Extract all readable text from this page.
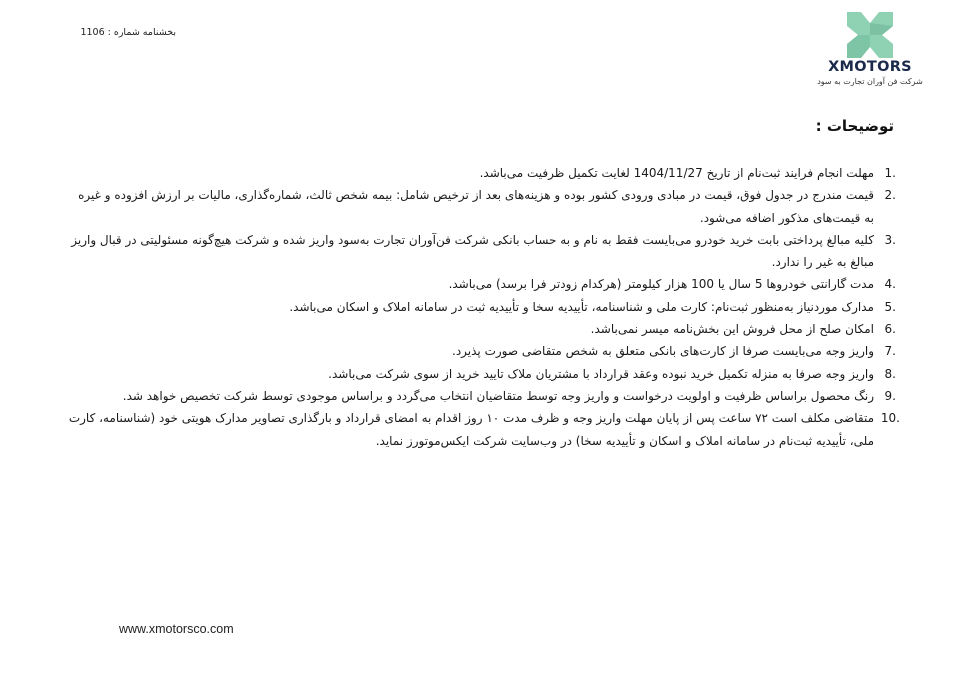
بخشنامه شماره : 1106
XMOTORS
شرکت فن آوران تجارت به سود
توضیحات :
1.
مهلت انجام فرایند ثبت‌نام از تاریخ 1404/11/27 لغایت تکمیل ظرفیت می‌باشد.
2.
قیمت مندرج در جدول فوق، قیمت در مبادی ورودی کشور بوده و هزینه‌های بعد از ترخیص شامل: بیمه شخص ثالث، شماره‌گذاری، مالیات بر ارزش افزوده و غیره به قیمت‌های مذکور اضافه می‌شود.
3.
کلیه مبالغ پرداختی بابت خرید خودرو می‌بایست فقط به نام و به حساب بانکی شرکت فن‌آوران تجارت به‌سود واریز شده و شرکت هیچ‌گونه مسئولیتی در قبال واریز مبالغ به غیر را ندارد.
4.
مدت گارانتی خودروها 5 سال یا 100 هزار کیلومتر (هرکدام زودتر فرا برسد) می‌باشد.
5.
مدارک موردنیاز به‌منظور ثبت‌نام: کارت ملی و شناسنامه، تأییدیه سخا و تأییدیه ثبت در سامانه املاک و اسکان می‌باشد.
6.
امکان صلح از محل فروش این بخش‌نامه میسر نمی‌باشد.
7.
واریز وجه می‌بایست صرفا از کارت‌های بانکی متعلق به شخص متقاضی صورت پذیرد.
8.
واریز وجه صرفا به منزله تکمیل خرید نبوده وعقد قرارداد با مشتریان ملاک تایید خرید از سوی شرکت می‌باشد.
9.
رنگ محصول براساس ظرفیت و اولویت درخواست و واریز وجه توسط متقاضیان انتخاب می‌گردد و براساس موجودی توسط شرکت تخصیص خواهد شد.
10.
متقاضی مکلف است ۷۲ ساعت پس از پایان مهلت واریز وجه و ظرف مدت ۱۰ روز اقدام به امضای قرارداد و بارگذاری تصاویر مدارک هویتی خود (شناسنامه، کارت ملی، تأییدیه ثبت‌نام در سامانه املاک و اسکان و تأییدیه سخا) در وب‌سایت شرکت ایکس‌موتورز نماید.
www.xmotorsco.com
